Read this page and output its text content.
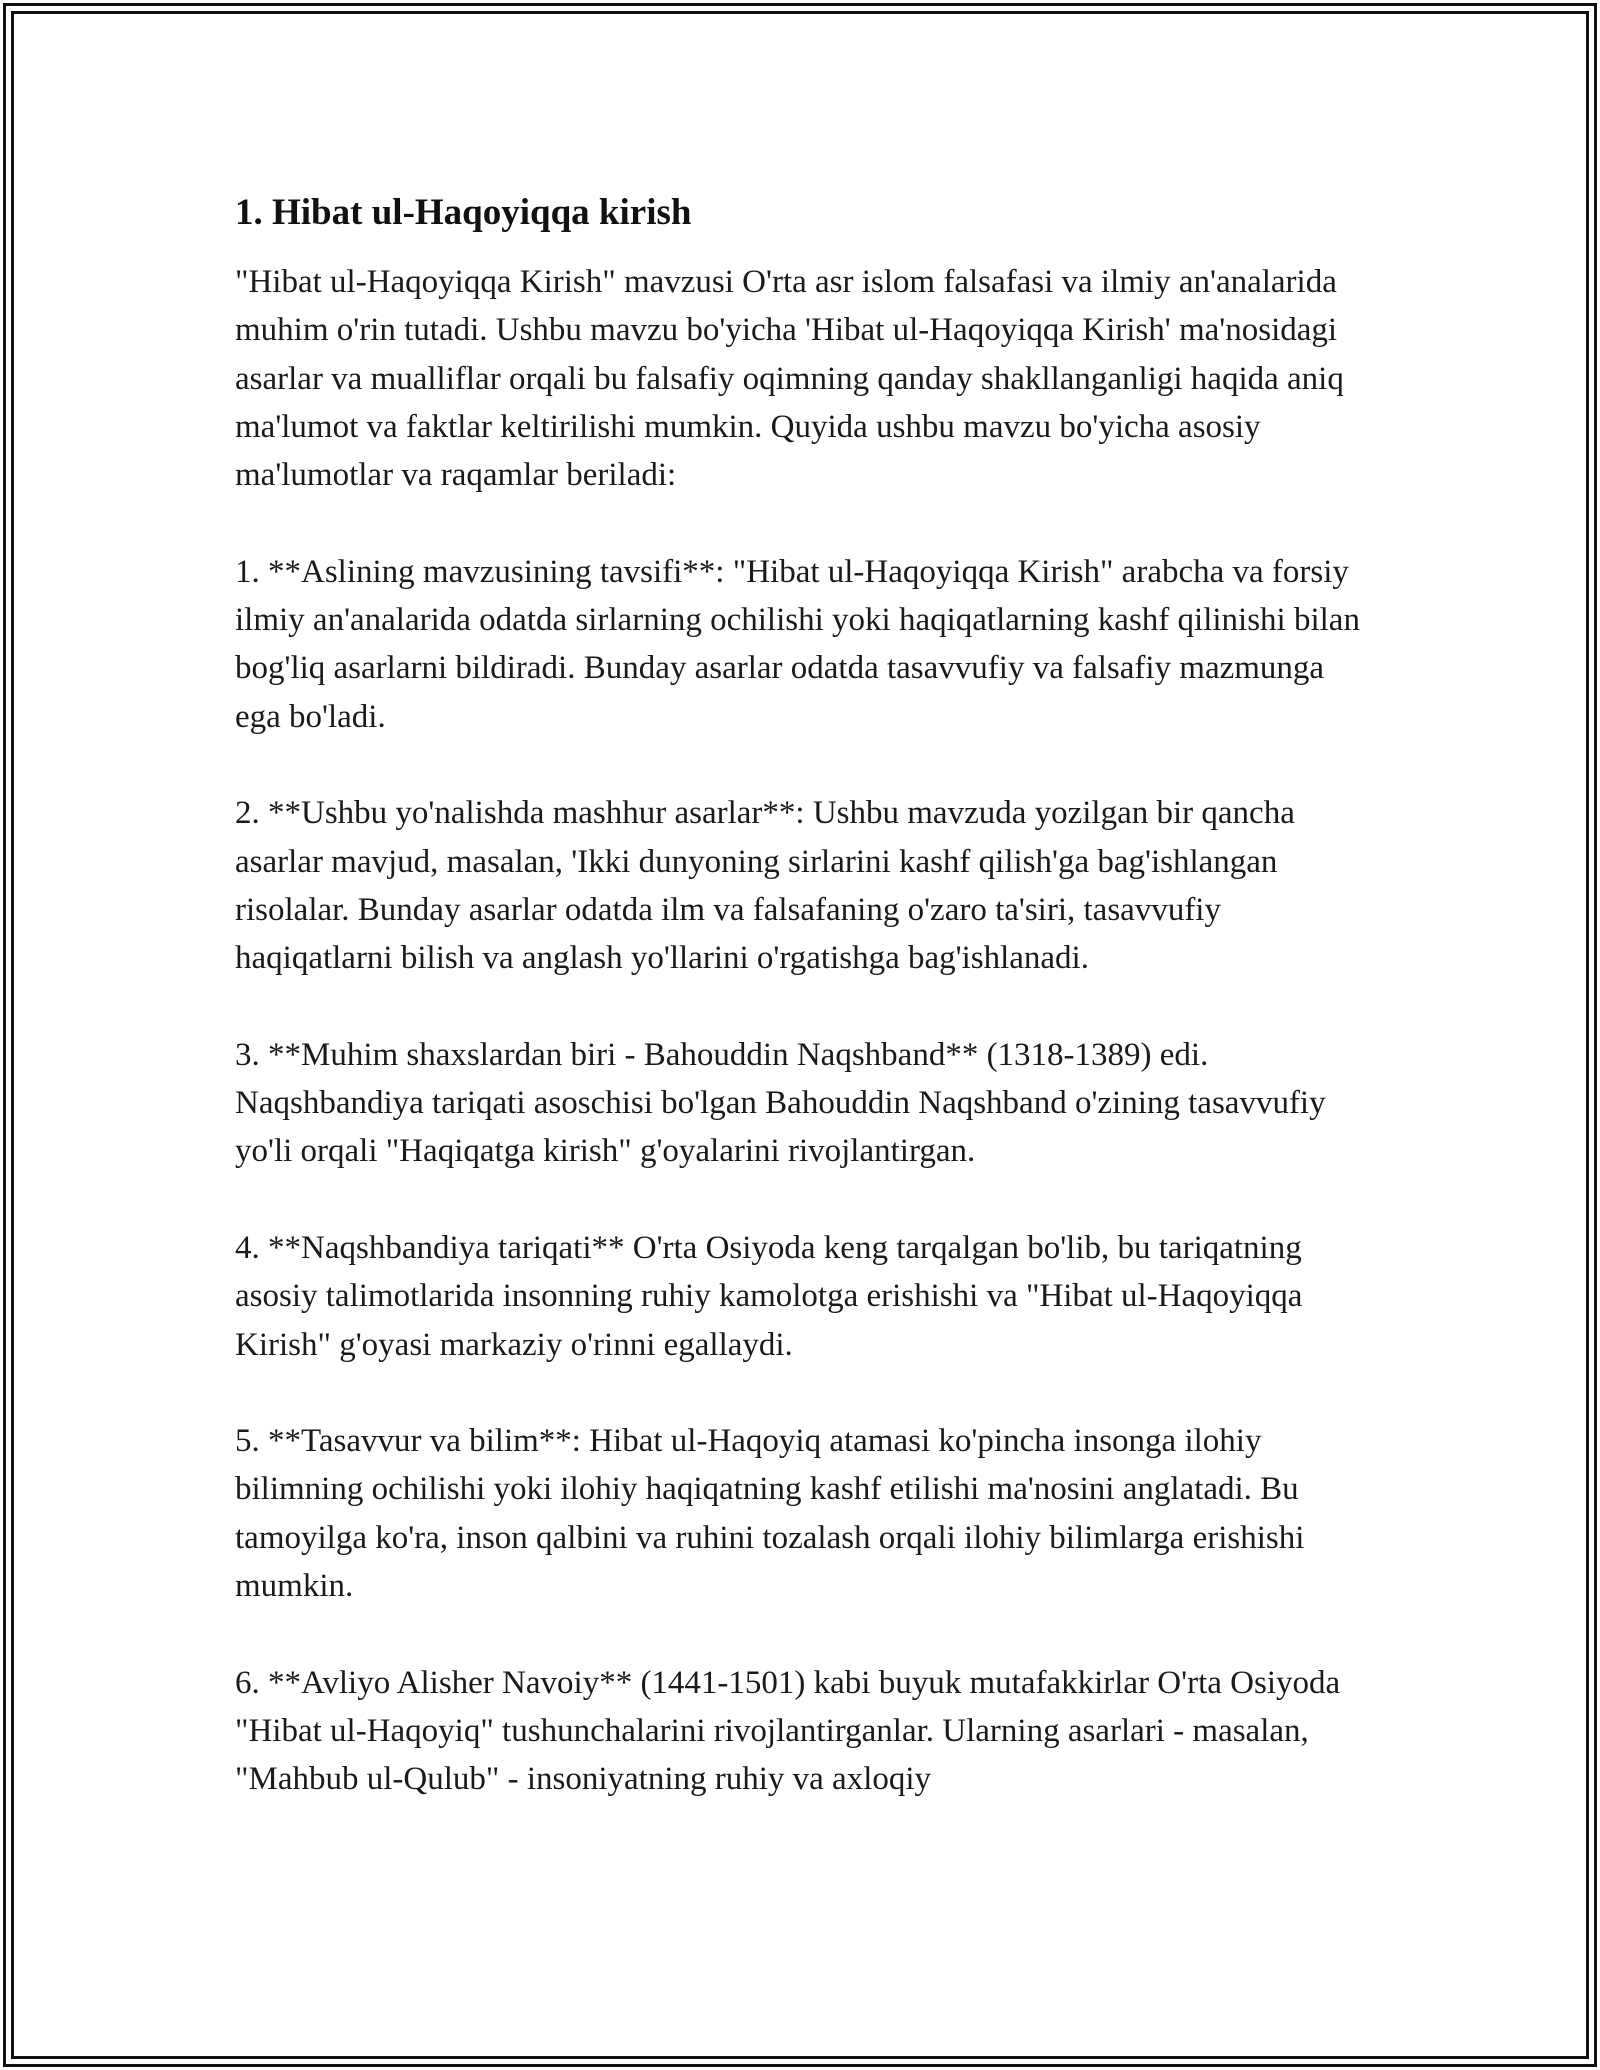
1. Hibat ul-Haqoyiqqa kirish

"Hibat ul-Haqoyiqqa Kirish" mavzusi O'rta asr islom falsafasi va ilmiy an'analarida muhim o'rin tutadi. Ushbu mavzu bo'yicha 'Hibat ul-Haqoyiqqa Kirish' ma'nosidagi asarlar va mualliflar orqali bu falsafiy oqimning qanday shakllanganligi haqida aniq ma'lumot va faktlar keltirilishi mumkin. Quyida ushbu mavzu bo'yicha asosiy ma'lumotlar va raqamlar beriladi:

1. **Aslining mavzusining tavsifi**: "Hibat ul-Haqoyiqqa Kirish" arabcha va forsiy ilmiy an'analarida odatda sirlarning ochilishi yoki haqiqatlarning kashf qilinishi bilan bog'liq asarlarni bildiradi. Bunday asarlar odatda tasavvufiy va falsafiy mazmunga ega bo'ladi.

2. **Ushbu yo'nalishda mashhur asarlar**: Ushbu mavzuda yozilgan bir qancha asarlar mavjud, masalan, 'Ikki dunyoning sirlarini kashf qilish'ga bag'ishlangan risolalar. Bunday asarlar odatda ilm va falsafaning o'zaro ta'siri, tasavvufiy haqiqatlarni bilish va anglash yo'llarini o'rgatishga bag'ishlanadi.

3. **Muhim shaxslardan biri - Bahouddin Naqshband** (1318-1389) edi. Naqshbandiya tariqati asoschisi bo'lgan Bahouddin Naqshband o'zining tasavvufiy yo'li orqali "Haqiqatga kirish" g'oyalarini rivojlantirgan.

4. **Naqshbandiya tariqati** O'rta Osiyoda keng tarqalgan bo'lib, bu tariqatning asosiy talimotlarida insonning ruhiy kamolotga erishishi va "Hibat ul-Haqoyiqqa Kirish" g'oyasi markaziy o'rinni egallaydi.

5. **Tasavvur va bilim**: Hibat ul-Haqoyiq atamasi ko'pincha insonga ilohiy bilimning ochilishi yoki ilohiy haqiqatning kashf etilishi ma'nosini anglatadi. Bu tamoyilga ko'ra, inson qalbini va ruhini tozalash orqali ilohiy bilimlarga erishishi mumkin.

6. **Avliyo Alisher Navoiy** (1441-1501) kabi buyuk mutafakkirlar O'rta Osiyoda "Hibat ul-Haqoyiq" tushunchalarini rivojlantirganlar. Ularning asarlari - masalan, "Mahbub ul-Qulub" - insoniyatning ruhiy va axloqiy
